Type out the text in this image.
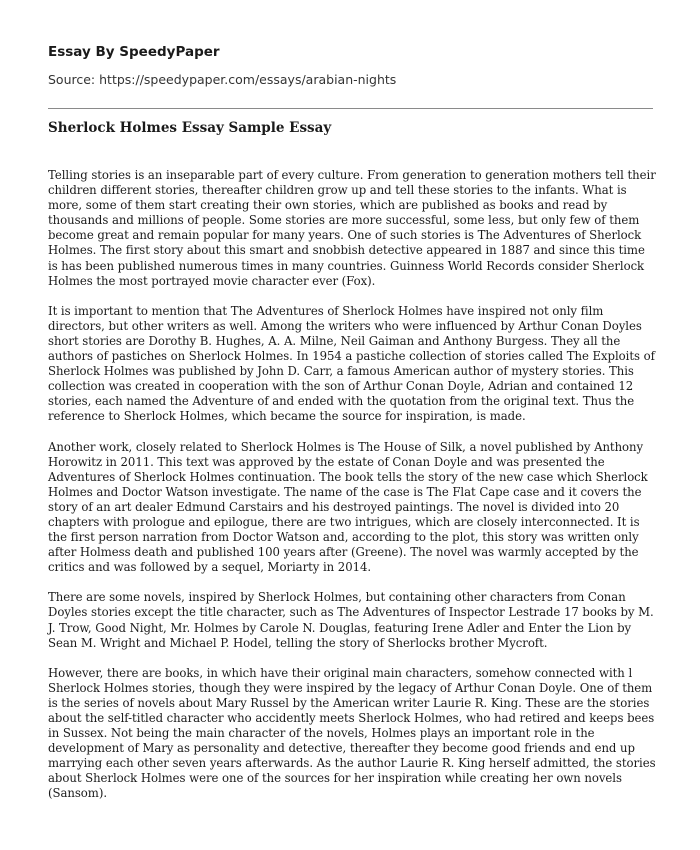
Essay By SpeedyPaper
Source: https://speedypaper.com/essays/arabian-nights
Sherlock Holmes Essay Sample Essay

Telling stories is an inseparable part of every culture. From generation to generation mothers tell their children different stories, thereafter children grow up and tell these stories to the infants. What is more, some of them start creating their own stories, which are published as books and read by thousands and millions of people. Some stories are more successful, some less, but only few of them become great and remain popular for many years. One of such stories is The Adventures of Sherlock Holmes. The first story about this smart and snobbish detective appeared in 1887 and since this time is has been published numerous times in many countries. Guinness World Records consider Sherlock Holmes the most portrayed movie character ever (Fox).

It is important to mention that The Adventures of Sherlock Holmes have inspired not only film directors, but other writers as well. Among the writers who were influenced by Arthur Conan Doyles short stories are Dorothy B. Hughes, A. A. Milne, Neil Gaiman and Anthony Burgess. They all the authors of pastiches on Sherlock Holmes. In 1954 a pastiche collection of stories called The Exploits of Sherlock Holmes was published by John D. Carr, a famous American author of mystery stories. This collection was created in cooperation with the son of Arthur Conan Doyle, Adrian and contained 12 stories, each named the Adventure of and ended with the quotation from the original text. Thus the reference to Sherlock Holmes, which became the source for inspiration, is made.

Another work, closely related to Sherlock Holmes is The House of Silk, a novel published by Anthony Horowitz in 2011. This text was approved by the estate of Conan Doyle and was presented the Adventures of Sherlock Holmes continuation. The book tells the story of the new case which Sherlock Holmes and Doctor Watson investigate. The name of the case is The Flat Cape case and it covers the story of an art dealer Edmund Carstairs and his destroyed paintings. The novel is divided into 20 chapters with prologue and epilogue, there are two intrigues, which are closely interconnected. It is the first person narration from Doctor Watson and, according to the plot, this story was written only after Holmess death and published 100 years after (Greene). The novel was warmly accepted by the critics and was followed by a sequel, Moriarty in 2014.

There are some novels, inspired by Sherlock Holmes, but containing other characters from Conan Doyles stories except the title character, such as The Adventures of Inspector Lestrade 17 books by M. J. Trow, Good Night, Mr. Holmes by Carole N. Douglas, featuring Irene Adler and Enter the Lion by Sean M. Wright and Michael P. Hodel, telling the story of Sherlocks brother Mycroft.

However, there are books, in which have their original main characters, somehow connected with l Sherlock Holmes stories, though they were inspired by the legacy of Arthur Conan Doyle. One of them is the series of novels about Mary Russel by the American writer Laurie R. King. These are the stories about the self-titled character who accidently meets Sherlock Holmes, who had retired and keeps bees in Sussex. Not being the main character of the novels, Holmes plays an important role in the development of Mary as personality and detective, thereafter they become good friends and end up marrying each other seven years afterwards. As the author Laurie R. King herself admitted, the stories about Sherlock Holmes were one of the sources for her inspiration while creating her own novels (Sansom).
